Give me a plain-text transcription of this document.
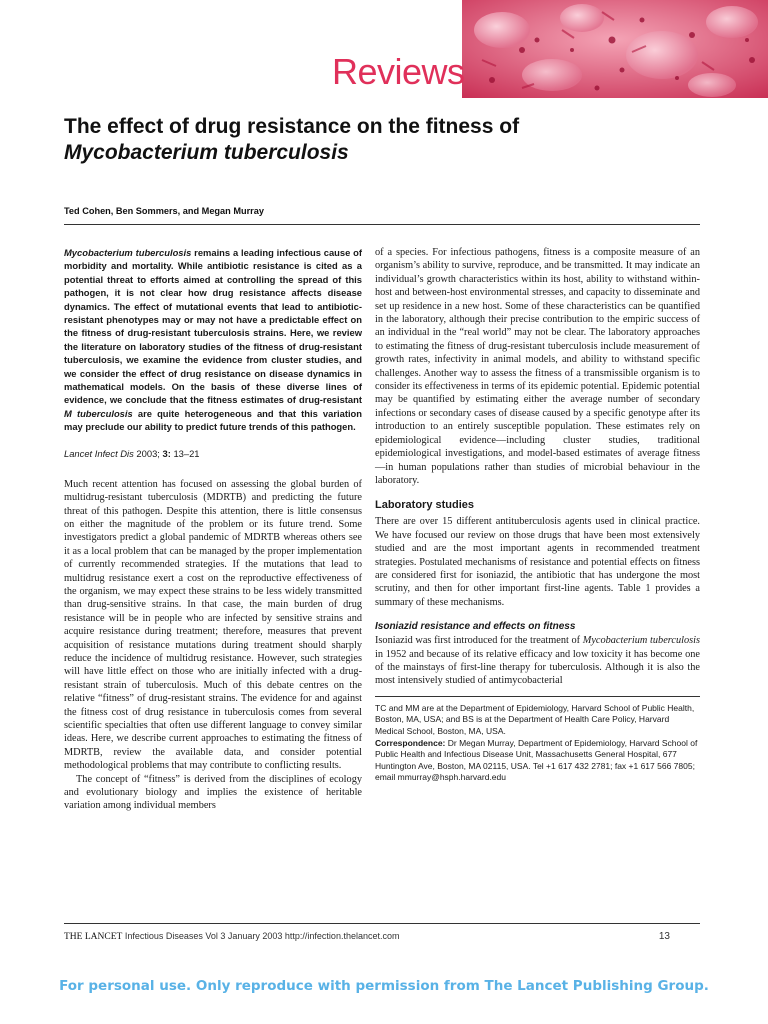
Reviews
The effect of drug resistance on the fitness of
Mycobacterium tuberculosis
Ted Cohen, Ben Sommers, and Megan Murray

Mycobacterium tuberculosis remains a leading infectious cause of morbidity and mortality. While antibiotic resistance is cited as a potential threat to efforts aimed at controlling the spread of this pathogen, it is not clear how drug resistance affects disease dynamics. The effect of mutational events that lead to antibiotic-resistant phenotypes may or may not have a predictable effect on the fitness of drug-resistant tuberculosis strains. Here, we review the literature on laboratory studies of the fitness of drug-resistant tuberculosis, we examine the evidence from cluster studies, and we consider the effect of drug resistance on disease dynamics in mathematical models. On the basis of these diverse lines of evidence, we conclude that the fitness estimates of drug-resistant M tuberculosis are quite heterogeneous and that this variation may preclude our ability to predict future trends of this pathogen.

Lancet Infect Dis 2003; 3: 13–21

Much recent attention has focused on assessing the global burden of multidrug-resistant tuberculosis (MDRTB) and predicting the future threat of this pathogen. Despite this attention, there is little consensus on either the magnitude of the problem or its future trend. Some investigators predict a global pandemic of MDRTB whereas others see it as a local problem that can be managed by the proper implementation of currently recommended strategies. If the mutations that lead to multidrug resistance exert a cost on the reproductive effectiveness of the organism, we may expect these strains to be less widely transmitted than drug-sensitive strains. In that case, the main burden of drug resistance will be in people who are infected by sensitive strains and acquire resistance during treatment; therefore, measures that prevent acquisition of resistance mutations during treatment should sharply reduce the incidence of multidrug resistance. However, such strategies will have little effect on those who are initially infected with a drug-resistant strain of tuberculosis. Much of this debate centres on the relative “fitness” of drug-resistant strains. The evidence for and against the fitness cost of drug resistance in tuberculosis comes from several scientific specialties that often use different language to convey similar ideas. Here, we describe current approaches to estimating the fitness of MDRTB, review the available data, and consider potential methodological problems that may contribute to conflicting results.

The concept of “fitness” is derived from the disciplines of ecology and evolutionary biology and implies the existence of heritable variation among individual members

of a species. For infectious pathogens, fitness is a composite measure of an organism’s ability to survive, reproduce, and be transmitted. It may indicate an individual’s growth characteristics within its host, ability to withstand within-host and between-host environmental stresses, and capacity to disseminate and set up residence in a new host. Some of these characteristics can be quantified in the laboratory, although their precise contribution to the empiric success of an individual in the “real world” may not be clear. The laboratory approaches to estimating the fitness of drug-resistant tuberculosis include measurement of growth rates, infectivity in animal models, and ability to withstand specific challenges. Another way to assess the fitness of a transmissible organism is to consider its effectiveness in terms of its epidemic potential. Epidemic potential may be quantified by estimating either the average number of secondary infections or secondary cases of disease caused by a specific genotype after its introduction to an entirely susceptible population. These estimates rely on epidemiological evidence—including cluster studies, traditional epidemiological investigations, and model-based estimates of average fitness—in human populations rather than studies of microbial behaviour in the laboratory.

Laboratory studies

There are over 15 different antituberculosis agents used in clinical practice. We have focused our review on those drugs that have been most extensively studied and are the most important agents in recommended treatment strategies. Postulated mechanisms of resistance and potential effects on fitness are considered first for isoniazid, the antibiotic that has undergone the most scrutiny, and then for other important first-line agents. Table 1 provides a summary of these mechanisms.

Isoniazid resistance and effects on fitness

Isoniazid was first introduced for the treatment of Mycobacterium tuberculosis in 1952 and because of its relative efficacy and low toxicity it has become one of the mainstays of first-line therapy for tuberculosis. Although it is also the most intensively studied of antimycobacterial

TC and MM are at the Department of Epidemiology, Harvard School of Public Health, Boston, MA, USA; and BS is at the Department of Health Care Policy, Harvard Medical School, Boston, MA, USA.

Correspondence: Dr Megan Murray, Department of Epidemiology, Harvard School of Public Health and Infectious Disease Unit, Massachusetts General Hospital, 677 Huntington Ave, Boston, MA 02115, USA. Tel +1 617 432 2781; fax +1 617 566 7805; email mmurray@hsph.harvard.edu

THE LANCET Infectious Diseases Vol 3 January 2003 http://infection.thelancet.com	13
For personal use. Only reproduce with permission from The Lancet Publishing Group.
